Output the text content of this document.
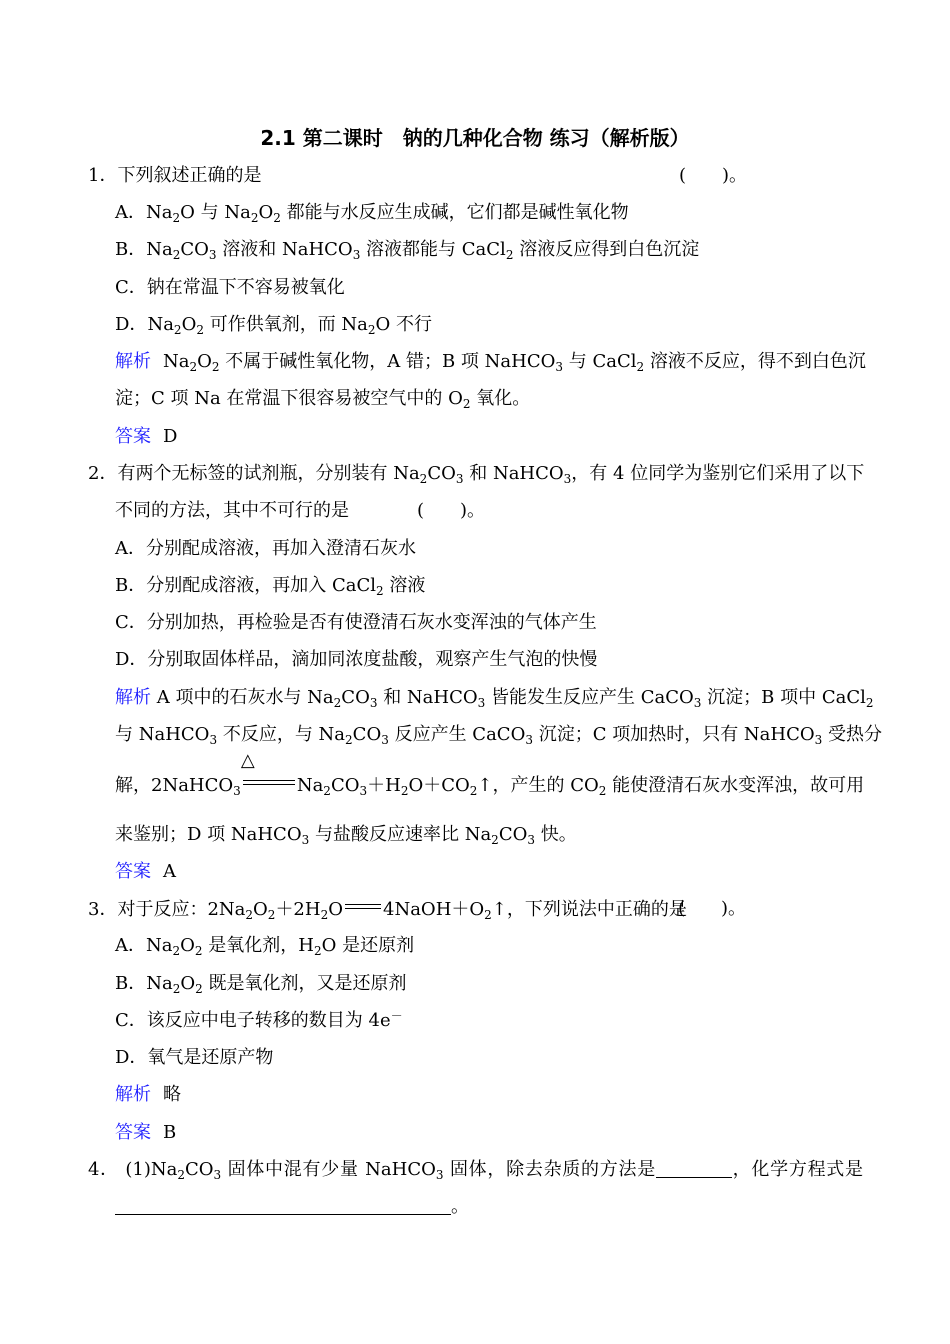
2.1 第二课时　钠的几种化合物 练习（解析版）
1．下列叙述正确的是	(　　)。
A．$Na_2O$ 与 $Na_2O_2$ 都能与水反应生成碱，它们都是碱性氧化物
B．$Na_2CO_3$ 溶液和 NaHCO$_3$ 溶液都能与 CaCl$_2$ 溶液反应得到白色沉淀
C．钠在常温下不容易被氧化
D．$Na_2O_2$ 可作供氧剂，而 $Na_2O$ 不行
解析 $Na_2O_2$ 不属于碱性氧化物，A 错；B 项 NaHCO$_3$ 与 CaCl$_2$ 溶液不反应，得不到白色沉
淀；C 项 Na 在常温下很容易被空气中的 $O_2$ 氧化。
答案 D
2．有两个无标签的试剂瓶，分别装有 $Na_2CO_3$ 和 NaHCO$_3$，有 4 位同学为鉴别它们采用了以下
不同的方法，其中不可行的是	(　　)。
A．分别配成溶液，再加入澄清石灰水
B．分别配成溶液，再加入 CaCl$_2$ 溶液
C．分别加热，再检验是否有使澄清石灰水变浑浊的气体产生
D．分别取固体样品，滴加同浓度盐酸，观察产生气泡的快慢
解析 A 项中的石灰水与 $Na_2CO_3$ 和 NaHCO$_3$ 皆能发生反应产生 CaCO$_3$ 沉淀；B 项中 CaCl$_2$
与 NaHCO$_3$ 不反应，与 $Na_2CO_3$ 反应产生 CaCO$_3$ 沉淀；C 项加热时，只有 NaHCO$_3$ 受热分
解，2NaHCO$_3$
△
$Na_2CO_3+H_2O+CO_2↑$，产生的 $CO_2$ 能使澄清石灰水变浑浊，故可用
来鉴别；D 项 NaHCO$_3$ 与盐酸反应速率比 $Na_2CO_3$ 快。
答案 A
3．对于反应：$2Na_2O_2+2H_2O$ $4NaOH+O_2↑$，下列说法中正确的是
(　　)。
A．$Na_2O_2$ 是氧化剂，$H_2O$ 是还原剂
B．$Na_2O_2$ 既是氧化剂，又是还原剂
C．该反应中电子转移的数目为 4e－
D．氧气是还原产物
解析 略
答案 B
4． $(1)Na_2CO_3$ 固体中混有少量 NaHCO$_3$ 固体，除去杂质的方法是	，化学方程式是
。
